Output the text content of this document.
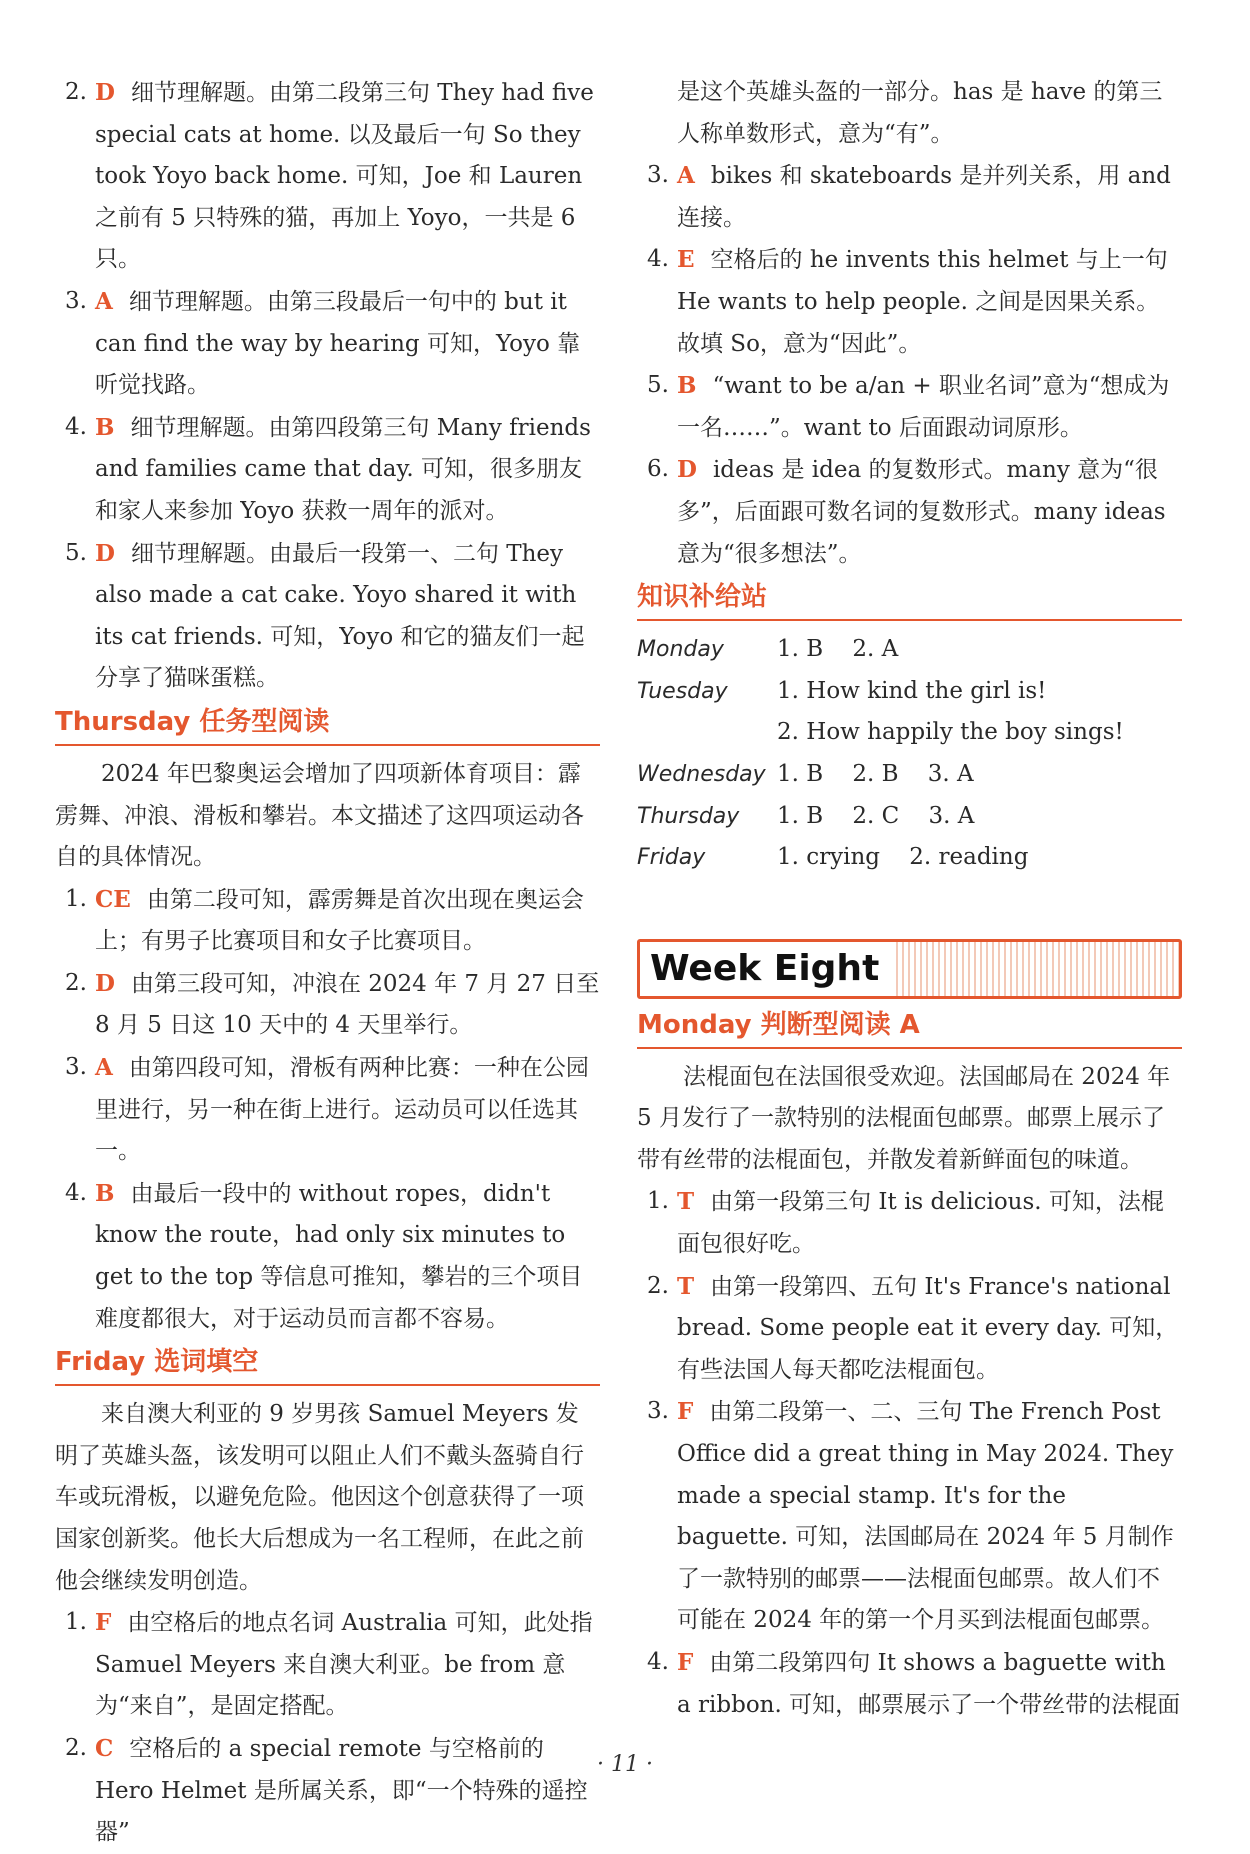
2. D 细节理解题。由第二段第三句 They had five special cats at home. 以及最后一句 So they took Yoyo back home. 可知，Joe 和 Lauren 之前有 5 只特殊的猫，再加上 Yoyo，一共是 6 只。

3. A 细节理解题。由第三段最后一句中的 but it can find the way by hearing 可知，Yoyo 靠听觉找路。

4. B 细节理解题。由第四段第三句 Many friends and families came that day. 可知，很多朋友和家人来参加 Yoyo 获救一周年的派对。

5. D 细节理解题。由最后一段第一、二句 They also made a cat cake. Yoyo shared it with its cat friends. 可知，Yoyo 和它的猫友们一起分享了猫咪蛋糕。

Thursday 任务型阅读

2024 年巴黎奥运会增加了四项新体育项目：霹雳舞、冲浪、滑板和攀岩。本文描述了这四项运动各自的具体情况。

1. CE 由第二段可知，霹雳舞是首次出现在奥运会上；有男子比赛项目和女子比赛项目。

2. D 由第三段可知，冲浪在 2024 年 7 月 27 日至 8 月 5 日这 10 天中的 4 天里举行。

3. A 由第四段可知，滑板有两种比赛：一种在公园里进行，另一种在街上进行。运动员可以任选其一。

4. B 由最后一段中的 without ropes，didn't know the route，had only six minutes to get to the top 等信息可推知，攀岩的三个项目难度都很大，对于运动员而言都不容易。

Friday 选词填空

来自澳大利亚的 9 岁男孩 Samuel Meyers 发明了英雄头盔，该发明可以阻止人们不戴头盔骑自行车或玩滑板，以避免危险。他因这个创意获得了一项国家创新奖。他长大后想成为一名工程师，在此之前他会继续发明创造。

1. F 由空格后的地点名词 Australia 可知，此处指 Samuel Meyers 来自澳大利亚。be from 意为“来自”，是固定搭配。

2. C 空格后的 a special remote 与空格前的 Hero Helmet 是所属关系，即“一个特殊的遥控器”

是这个英雄头盔的一部分。has 是 have 的第三人称单数形式，意为“有”。

3. A bikes 和 skateboards 是并列关系，用 and 连接。

4. E 空格后的 he invents this helmet 与上一句 He wants to help people. 之间是因果关系。故填 So，意为“因此”。

5. B “want to be a/an + 职业名词”意为“想成为一名……”。want to 后面跟动词原形。

6. D ideas 是 idea 的复数形式。many 意为“很多”，后面跟可数名词的复数形式。many ideas 意为“很多想法”。

知识补给站
Monday	1. B    2. A
Tuesday	1. How kind the girl is!
2. How happily the boy sings!
Wednesday 1. B    2. B    3. A
Thursday	1. B    2. C    3. A
Friday	1. crying    2. reading
Week Eight
Monday 判断型阅读 A

法棍面包在法国很受欢迎。法国邮局在 2024 年 5 月发行了一款特别的法棍面包邮票。邮票上展示了带有丝带的法棍面包，并散发着新鲜面包的味道。

1. T 由第一段第三句 It is delicious. 可知，法棍面包很好吃。

2. T 由第一段第四、五句 It's France's national bread. Some people eat it every day. 可知，有些法国人每天都吃法棍面包。

3. F 由第二段第一、二、三句 The French Post Office did a great thing in May 2024. They made a special stamp. It's for the baguette. 可知，法国邮局在 2024 年 5 月制作了一款特别的邮票——法棍面包邮票。故人们不可能在 2024 年的第一个月买到法棍面包邮票。

4. F 由第二段第四句 It shows a baguette with a ribbon. 可知，邮票展示了一个带丝带的法棍面

· 11 ·
